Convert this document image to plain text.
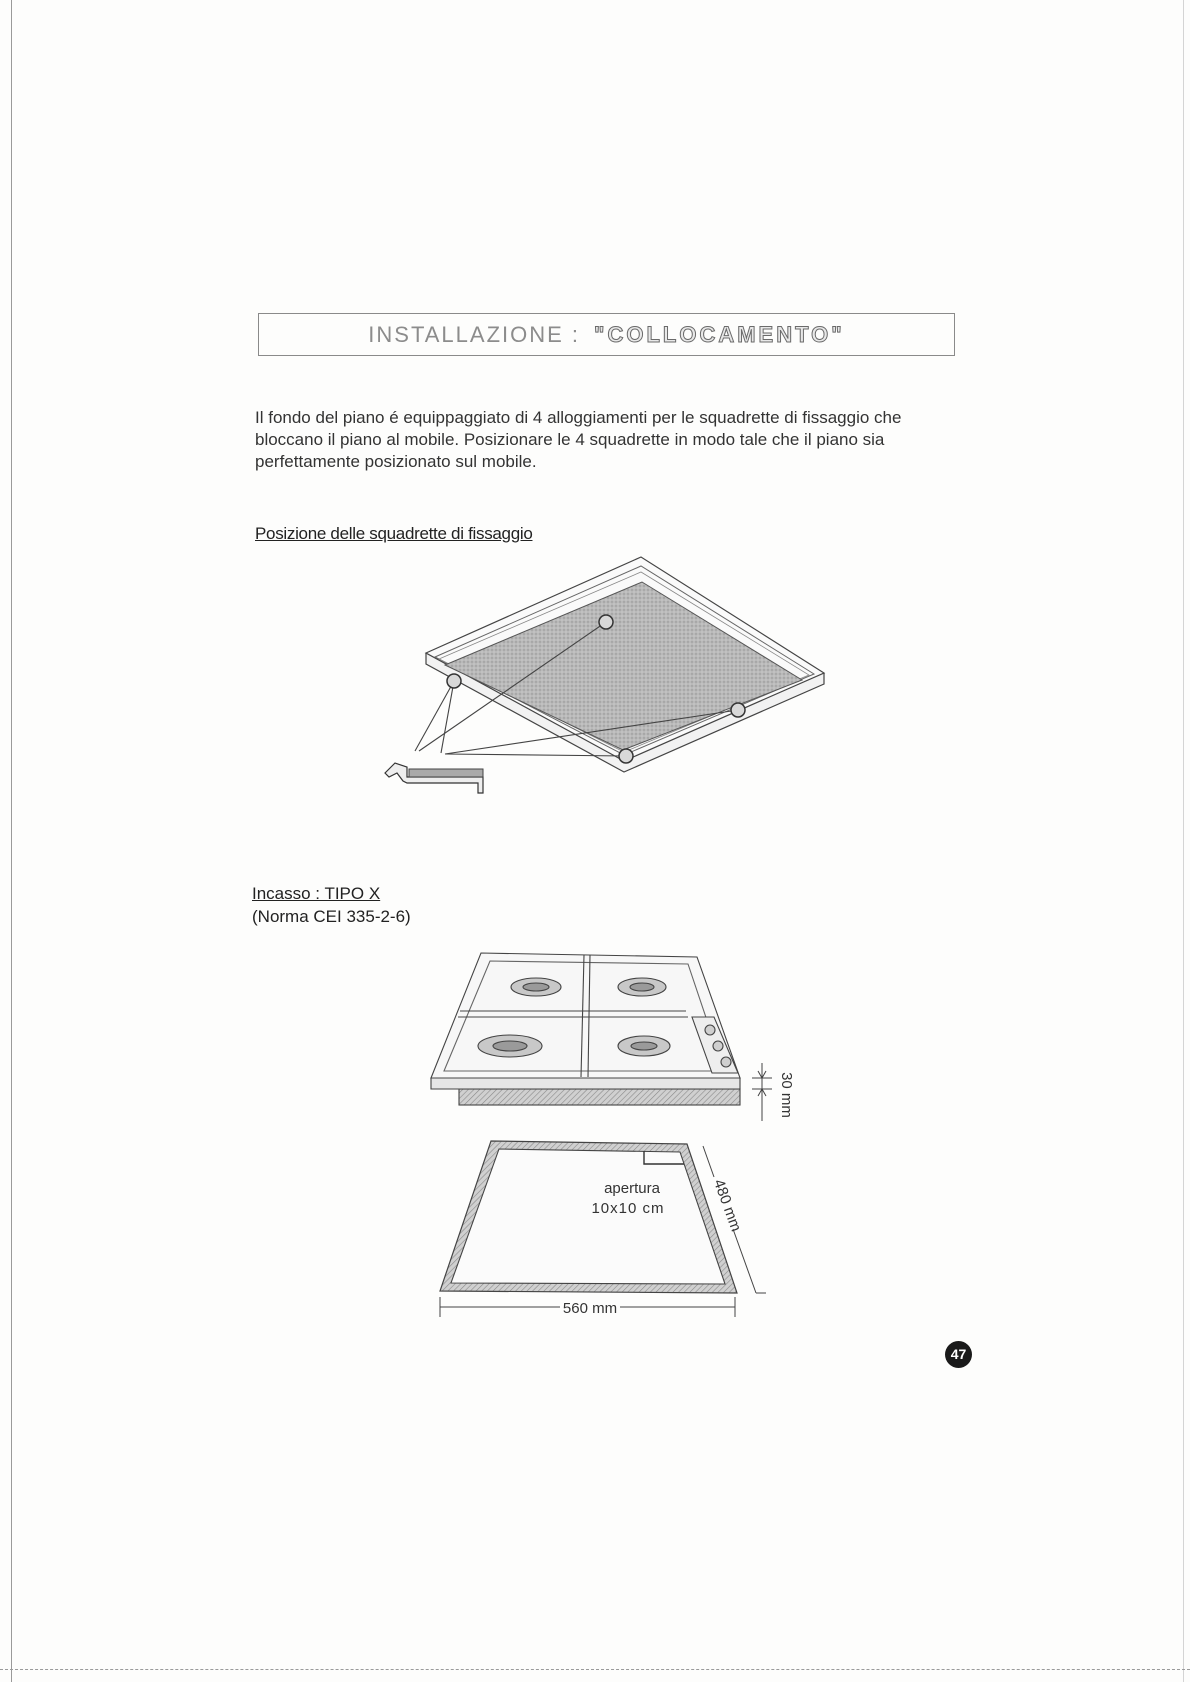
INSTALLAZIONE : "COLLOCAMENTO"
Il fondo del piano é equippaggiato di 4 alloggiamenti per le squadrette di fissaggio che
bloccano il piano al mobile. Posizionare le 4 squadrette in modo tale che il piano sia
perfettamente posizionato sul mobile.
Posizione delle squadrette di fissaggio
Incasso : TIPO X
(Norma CEI 335-2-6)
30 mm
apertura
10x10 cm	480 mm
560 mm
47
